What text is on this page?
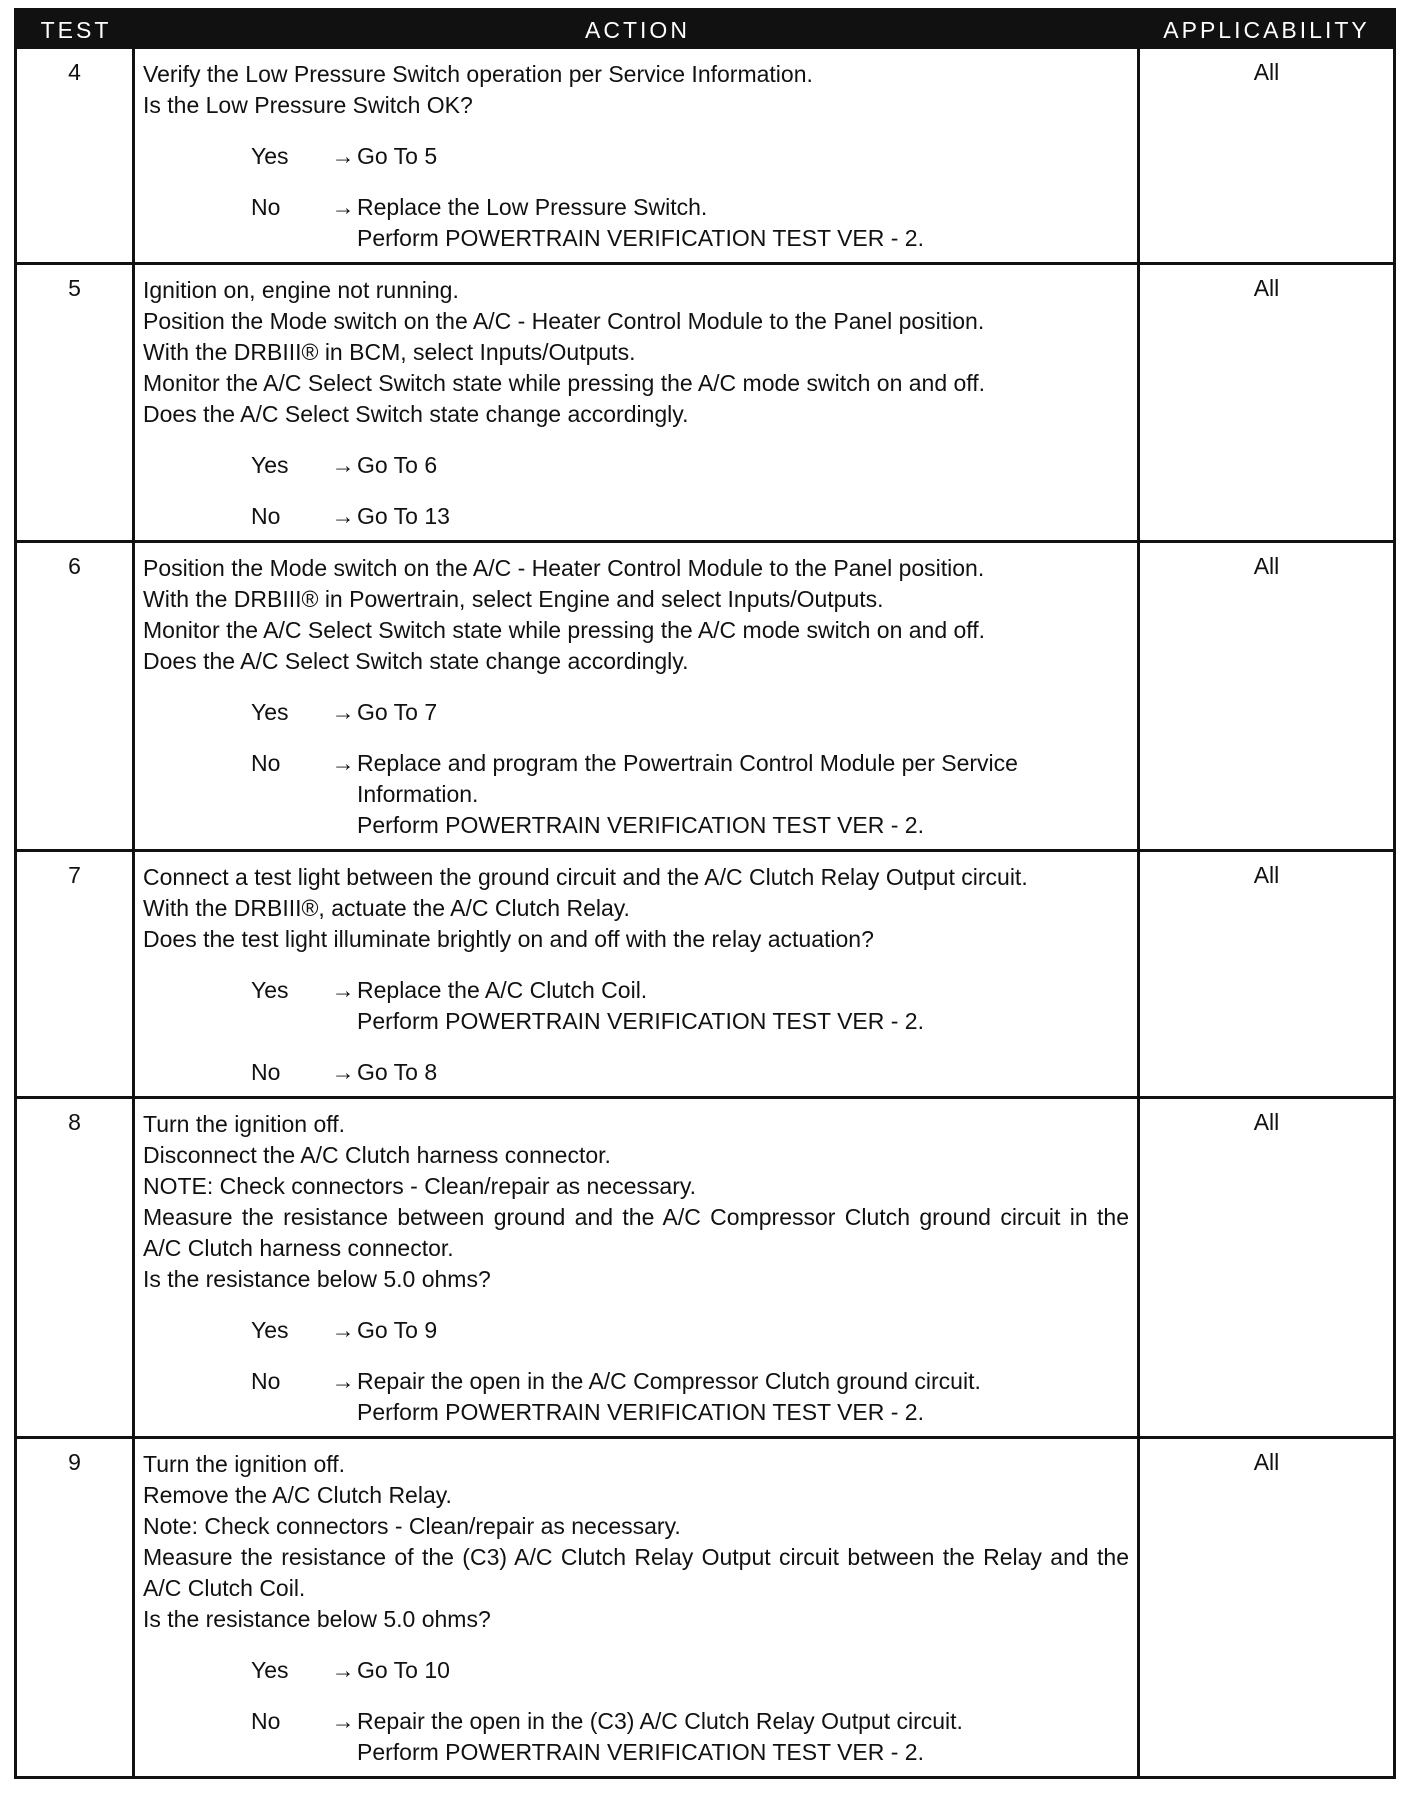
TEST	ACTION	APPLICABILITY
4	Verify the Low Pressure Switch operation per Service Information.
Is the Low Pressure Switch OK?
Yes	→ Go To 5
No	→ Replace the Low Pressure Switch.
Perform POWERTRAIN VERIFICATION TEST VER - 2.
All
5	Ignition on, engine not running.
Position the Mode switch on the A/C - Heater Control Module to the Panel position.
With the DRBIII® in BCM, select Inputs/Outputs.
Monitor the A/C Select Switch state while pressing the A/C mode switch on and off.
Does the A/C Select Switch state change accordingly.
Yes	→ Go To 6
No	→ Go To 13
All
6	Position the Mode switch on the A/C - Heater Control Module to the Panel position.
With the DRBIII® in Powertrain, select Engine and select Inputs/Outputs.
Monitor the A/C Select Switch state while pressing the A/C mode switch on and off.
Does the A/C Select Switch state change accordingly.
Yes	→ Go To 7
No	→ Replace and program the Powertrain Control Module per Service Information.
Perform POWERTRAIN VERIFICATION TEST VER - 2.
All
7	Connect a test light between the ground circuit and the A/C Clutch Relay Output circuit.
With the DRBIII®, actuate the A/C Clutch Relay.
Does the test light illuminate brightly on and off with the relay actuation?
Yes	→ Replace the A/C Clutch Coil.
Perform POWERTRAIN VERIFICATION TEST VER - 2.
No	→ Go To 8
All
8	Turn the ignition off.
Disconnect the A/C Clutch harness connector.
NOTE: Check connectors - Clean/repair as necessary.
Measure the resistance between ground and the A/C Compressor Clutch ground circuit in the A/C Clutch harness connector.
Is the resistance below 5.0 ohms?
Yes	→ Go To 9
No	→ Repair the open in the A/C Compressor Clutch ground circuit.
Perform POWERTRAIN VERIFICATION TEST VER - 2.
All
9	Turn the ignition off.
Remove the A/C Clutch Relay.
Note: Check connectors - Clean/repair as necessary.
Measure the resistance of the (C3) A/C Clutch Relay Output circuit between the Relay and the A/C Clutch Coil.
Is the resistance below 5.0 ohms?
Yes	→ Go To 10
No	→ Repair the open in the (C3) A/C Clutch Relay Output circuit.
Perform POWERTRAIN VERIFICATION TEST VER - 2.
All
